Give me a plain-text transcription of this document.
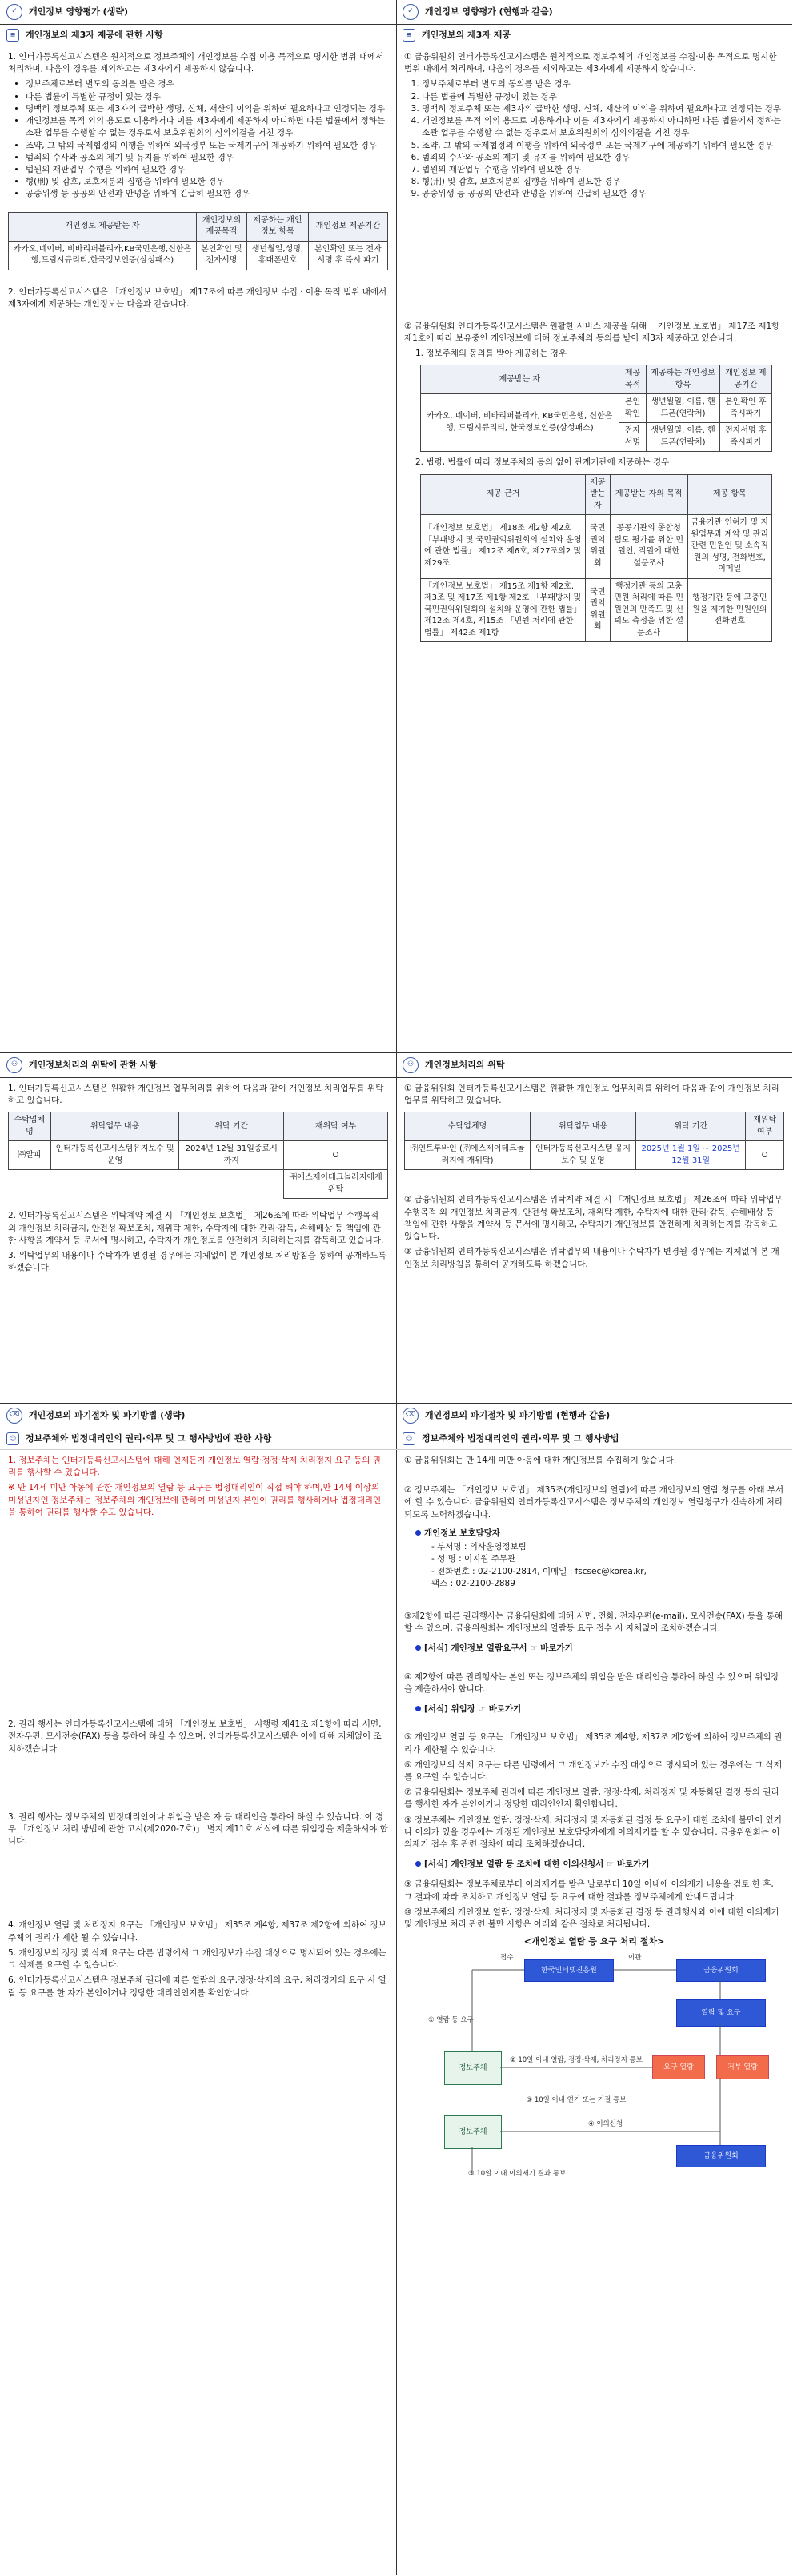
✓	개인정보 영향평가 (생략)
≡	개인정보의 제3자 제공에 관한 사항

1. 인터가등록신고시스템은 원칙적으로 정보주체의 개인정보를 수집·이용 목적으로 명시한 범위 내에서 처리하며, 다음의 경우를 제외하고는 제3자에게 제공하지 않습니다.

• 정보주체로부터 별도의 동의를 받은 경우
• 다른 법률에 특별한 규정이 있는 경우
• 명백히 정보주체 또는 제3자의 급박한 생명, 신체, 재산의 이익을 위하여 필요하다고 인정되는 경우
• 개인정보를 목적 외의 용도로 이용하거나 이를 제3자에게 제공하지 아니하면 다른 법률에서 정하는 소관 업무를 수행할 수 없는 경우로서 보호위원회의 심의의결을 거친 경우
• 조약, 그 밖의 국제협정의 이행을 위하여 외국정부 또는 국제기구에 제공하기 위하여 필요한 경우
• 범죄의 수사와 공소의 제기 및 유지를 위하여 필요한 경우
• 법원의 재판업무 수행을 위하여 필요한 경우
• 형(刑) 및 감호, 보호처분의 집행을 위하여 필요한 경우
• 공중위생 등 공공의 안전과 안녕을 위하여 긴급히 필요한 경우
개인정보 제공받는 자	개인정보의 제공목적	제공하는 개인정보 항목	개인정보 제공기간
카카오,네이버, 비바리퍼블리카,KB국민은행,신한은행,드림시큐리티,한국정보인증(삼성패스)	본인확인 및 전자서명	생년월일,성명, 휴대폰번호	본인확인 또는 전자서명 후 즉시 파기

2. 인터가등록신고시스템은 「개인정보 보호법」 제17조에 따른 개인정보 수집 · 이용 목적 범위 내에서 제3자에게 제공하는 개인정보는 다음과 같습니다.

⚇	개인정보처리의 위탁에 관한 사항

1. 인터가등록신고시스템은 원활한 개인정보 업무처리를 위하여 다음과 같이 개인정보 처리업무를 위탁하고 있습니다.

수탁업체명	위탁업무 내용	위탁 기간	재위탁 여부
㈜알피	인터가등록신고시스템유지보수 및 운영	2024년 12월 31일종료시까지	O
			㈜에스제이테크놀러지에재위탁

2. 인터가등록신고시스템은 위탁계약 체결 시 「개인정보 보호법」 제26조에 따라 위탁업무 수행목적 외 개인정보 처리금지, 안전성 확보조치, 재위탁 제한, 수탁자에 대한 관리·감독, 손해배상 등 책임에 관한 사항을 계약서 등 문서에 명시하고, 수탁자가 개인정보를 안전하게 처리하는지를 감독하고 있습니다.

3. 위탁업무의 내용이나 수탁자가 변경될 경우에는 지체없이 본 개인정보 처리방침을 통하여 공개하도록 하겠습니다.

⌫	개인정보의 파기절차 및 파기방법 (생략)
☺	정보주체와 법정대리인의 권리·의무 및 그 행사방법에 관한 사항

1. 정보주체는 인터가등록신고시스템에 대해 언제든지 개인정보 열람·정정·삭제·처리정지 요구 등의 권리를 행사할 수 있습니다.

※ 만 14세 미만 아동에 관한 개인정보의 열람 등 요구는 법정대리인이 직접 해야 하며,만 14세 이상의 미성년자인 정보주체는 정보주체의 개인정보에 관하여 미성년자 본인이 권리를 행사하거나 법정대리인을 통하여 권리를 행사할 수도 있습니다.

2. 권리 행사는 인터가등록신고시스템에 대해 「개인정보 보호법」 시행령 제41조 제1항에 따라 서면, 전자우편, 모사전송(FAX) 등을 통하여 하실 수 있으며, 인터가등록신고시스템은 이에 대해 지체없이 조치하겠습니다.

3. 권리 행사는 정보주체의 법정대리인이나 위임을 받은 자 등 대리인을 통하여 하실 수 있습니다. 이 경우 「개인정보 처리 방법에 관한 고시(제2020-7호)」 별지 제11호 서식에 따른 위임장을 제출하셔야 합니다.

4. 개인정보 열람 및 처리정지 요구는 「개인정보 보호법」 제35조 제4항, 제37조 제2항에 의하여 정보주체의 권리가 제한 될 수 있습니다.

5. 개인정보의 정정 및 삭제 요구는 다른 법령에서 그 개인정보가 수집 대상으로 명시되어 있는 경우에는 그 삭제를 요구할 수 없습니다.

6. 인터가등록신고시스템은 정보주체 권리에 따른 열람의 요구,정정·삭제의 요구, 처리정지의 요구 시 열람 등 요구를 한 자가 본인이거나 정당한 대리인인지를 확인합니다.

✓	개인정보 영향평가 (현행과 같음)
≡	개인정보의 제3자 제공

① 금융위원회 인터가등록신고시스템은 원칙적으로 정보주체의 개인정보를 수집·이용 목적으로 명시한 범위 내에서 처리하며, 다음의 경우를 제외하고는 제3자에게 제공하지 않습니다.

1. 정보주체로부터 별도의 동의를 받은 경우
2. 다른 법률에 특별한 규정이 있는 경우
3. 명백히 정보주체 또는 제3자의 급박한 생명, 신체, 재산의 이익을 위하여 필요하다고 인정되는 경우
4. 개인정보를 목적 외의 용도로 이용하거나 이를 제3자에게 제공하지 아니하면 다른 법률에서 정하는 소관 업무를 수행할 수 없는 경우로서 보호위원회의 심의의결을 거친 경우
5. 조약, 그 밖의 국제협정의 이행을 위하여 외국정부 또는 국제기구에 제공하기 위하여 필요한 경우
6. 범죄의 수사와 공소의 제기 및 유지를 위하여 필요한 경우
7. 법원의 재판업무 수행을 위하여 필요한 경우
8. 형(刑) 및 감호, 보호처분의 집행을 위하여 필요한 경우
9. 공중위생 등 공공의 안전과 안녕을 위하여 긴급히 필요한 경우

② 금융위원회 인터가등록신고시스템은 원활한 서비스 제공을 위해 「개인정보 보호법」 제17조 제1항 제1호에 따라 보유중인 개인정보에 대해 정보주체의 동의를 받아 제3자 제공하고 있습니다.

1. 정보주체의 동의를 받아 제공하는 경우

제공받는 자	제공목적	제공하는 개인정보 항목	개인정보 제공기간
카카오, 네이버, 비바리퍼블리카, KB국민은행, 신한은행, 드림시큐리티, 한국정보인증(삼성패스)	본인확인	생년월일, 이름, 핸드폰(연락처)	본인확인 후 즉시파기
	전자서명	생년월일, 이름, 핸드폰(연락처)	전자서명 후 즉시파기

2. 법령, 법률에 따라 정보주체의 동의 없이 관계기관에 제공하는 경우

제공 근거	제공받는 자	제공받는 자의 목적	제공 항목
「개인정보 보호법」 제18조 제2항 제2호 「부패방지 및 국민권익위원회의 설치와 운영에 관한 법률」 제12조 제6호, 제27조의2 및 제29조	국민권익위원회	공공기관의 종합청렴도 평가를 위한 민원인, 직원에 대한 설문조사	금융기관 인허가 및 지원업무과 계약 및 관리 관련 민원인 및 소속직원의 성명, 전화번호, 이메일
「개인정보 보호법」 제15조 제1항 제2호, 제3조 및 제17조 제1항 제2호 「부패방지 및 국민권익위원회의 설치와 운영에 관한 법률」 제12조 제4호, 제15조 「민원 처리에 관한 법률」 제42조 제1항	국민권익위원회	행정기관 등의 고충민원 처리에 따른 민원인의 만족도 및 신뢰도 측정을 위한 설문조사	행정기관 등에 고충민원을 제기한 민원인의 전화번호
⚇	개인정보처리의 위탁

① 금융위원회 인터가등록신고시스템은 원활한 개인정보 업무처리를 위하여 다음과 같이 개인정보 처리업무를 위탁하고 있습니다.

수탁업체명	위탁업무 내용	위탁 기간	재위탁 여부
㈜인트루바인 (㈜에스제이테크놀러지에 재위탁)	인터가등록신고시스템 유지보수 및 운영	2025년 1월 1일 ~ 2025년 12월 31일	O

② 금융위원회 인터가등록신고시스템은 위탁계약 체결 시 「개인정보 보호법」 제26조에 따라 위탁업무 수행목적 외 개인정보 처리금지, 안전성 확보조치, 재위탁 제한, 수탁자에 대한 관리·감독, 손해배상 등 책임에 관한 사항을 계약서 등 문서에 명시하고, 수탁자가 개인정보를 안전하게 처리하는지를 감독하고 있습니다.

③ 금융위원회 인터가등록신고시스템은 위탁업무의 내용이나 수탁자가 변경될 경우에는 지체없이 본 개인정보 처리방침을 통하여 공개하도록 하겠습니다.

⌫	개인정보의 파기절차 및 파기방법 (현행과 같음)
☺	정보주체와 법정대리인의 권리·의무 및 그 행사방법

① 금융위원회는 만 14세 미만 아동에 대한 개인정보를 수집하지 않습니다.

② 정보주체는 「개인정보 보호법」 제35조(개인정보의 열람)에 따른 개인정보의 열람 청구를 아래 부서에 할 수 있습니다. 금융위원회 인터가등록신고시스템은 정보주체의 개인정보 열람청구가 신속하게 처리되도록 노력하겠습니다.

개인정보 보호담당자

- 부서명 : 의사운영정보팀
- 성 명 : 이지원 주무관
- 전화번호 : 02-2100-2814, 이메일 : fscsec@korea.kr,
팩스 : 02-2100-2889

③제2항에 따른 권리행사는 금융위원회에 대해 서면, 전화, 전자우편(e-mail), 모사전송(FAX) 등을 통해 할 수 있으며, 금융위원회는 개인정보의 열람등 요구 접수 시 지체없이 조치하겠습니다.

[서식] 개인정보 열람요구서 ☞ 바로가기

④ 제2항에 따른 권리행사는 본인 또는 정보주체의 위임을 받은 대리인을 통하여 하실 수 있으며 위임장을 제출하셔야 합니다.

[서식] 위임장 ☞ 바로가기

⑤ 개인정보 열람 등 요구는 「개인정보 보호법」 제35조 제4항, 제37조 제2항에 의하여 정보주체의 권리가 제한될 수 있습니다.

⑥ 개인정보의 삭제 요구는 다른 법령에서 그 개인정보가 수집 대상으로 명시되어 있는 경우에는 그 삭제를 요구할 수 없습니다.

⑦ 금융위원회는 정보주체 권리에 따른 개인정보 열람, 정정·삭제, 처리정지 및 자동화된 결정 등의 권리를 행사한 자가 본인이거나 정당한 대리인인지 확인합니다.

⑧ 정보주체는 개인정보 열람, 정정·삭제, 처리정지 및 자동화된 결정 등 요구에 대한 조치에 불만이 있거나 이의가 있을 경우에는 개정된 개인정보 보호담당자에게 이의제기를 할 수 있습니다. 금융위원회는 이의제기 접수 후 관련 절차에 따라 조치하겠습니다.

[서식] 개인정보 열람 등 조치에 대한 이의신청서 ☞ 바로가기

⑨ 금융위원회는 정보주체로부터 이의제기를 받은 날로부터 10일 이내에 이의제기 내용을 검토 한 후, 그 결과에 따라 조치하고 개인정보 열람 등 요구에 대한 결과를 정보주체에게 안내드립니다.

⑩ 정보주체의 개인정보 열람, 정정·삭제, 처리정지 및 자동화된 결정 등 권리행사와 이에 대한 이의제기 및 개인정보 처리 관련 불만 사항은 아래와 같은 절차로 처리됩니다.

<개인정보 열람 등 요구 처리 절차>
한국인터넷진흥원	금융위원회
접수	이관
열람 및 요구
① 열람 등 요구
정보주체	요구 열람	거부 열람
② 10일 이내 열람, 정정·삭제, 처리정지 통보
③ 10일 이내 연기 또는 거절 통보
정보주체
④ 이의신청
금융위원회
⑤ 10일 이내 이의제기 결과 통보
